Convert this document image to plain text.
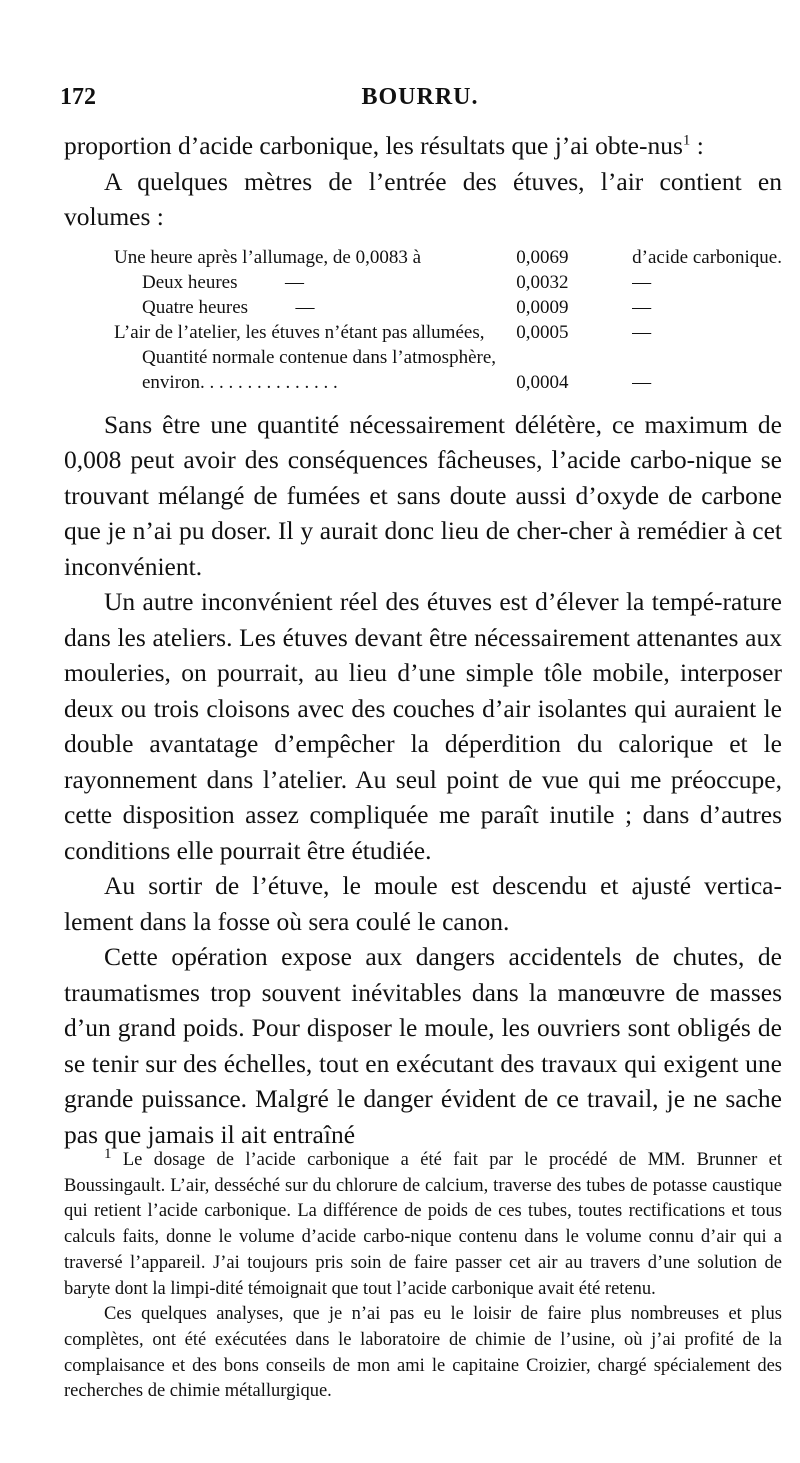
172	BOURRU.

proportion d’acide carbonique, les résultats que j’ai obte-nus$^1$ :

A quelques mètres de l’entrée des étuves, l’air contient en volumes :

Une heure après l’allumage, de 0,0083 à	0,0069	d’acide carbonique.
Deux heures          —	0,0032	—
Quatre heures          —	0,0009	—
L’air de l’atelier, les étuves n’étant pas allumées,	0,0005	—
Quantité normale contenue dans l’atmosphère,		
environ. . . . . . . . . . . . . . .	0,0004	—

Sans être une quantité nécessairement délétère, ce maximum de 0,008 peut avoir des conséquences fâcheuses, l’acide carbo-nique se trouvant mélangé de fumées et sans doute aussi d’oxyde de carbone que je n’ai pu doser. Il y aurait donc lieu de cher-cher à remédier à cet inconvénient.

Un autre inconvénient réel des étuves est d’élever la tempé-rature dans les ateliers. Les étuves devant être nécessairement attenantes aux mouleries, on pourrait, au lieu d’une simple tôle mobile, interposer deux ou trois cloisons avec des couches d’air isolantes qui auraient le double avantatage d’empêcher la déperdition du calorique et le rayonnement dans l’atelier. Au seul point de vue qui me préoccupe, cette disposition assez compliquée me paraît inutile ; dans d’autres conditions elle pourrait être étudiée.

Au sortir de l’étuve, le moule est descendu et ajusté vertica-lement dans la fosse où sera coulé le canon.

Cette opération expose aux dangers accidentels de chutes, de traumatismes trop souvent inévitables dans la manœuvre de masses d’un grand poids. Pour disposer le moule, les ouvriers sont obligés de se tenir sur des échelles, tout en exécutant des travaux qui exigent une grande puissance. Malgré le danger évident de ce travail, je ne sache pas que jamais il ait entraîné

$^1$ Le dosage de l’acide carbonique a été fait par le procédé de MM. Brunner et Boussingault. L’air, desséché sur du chlorure de calcium, traverse des tubes de potasse caustique qui retient l’acide carbonique. La différence de poids de ces tubes, toutes rectifications et tous calculs faits, donne le volume d’acide carbo-nique contenu dans le volume connu d’air qui a traversé l’appareil. J’ai toujours pris soin de faire passer cet air au travers d’une solution de baryte dont la limpi-dité témoignait que tout l’acide carbonique avait été retenu.

Ces quelques analyses, que je n’ai pas eu le loisir de faire plus nombreuses et plus complètes, ont été exécutées dans le laboratoire de chimie de l’usine, où j’ai profité de la complaisance et des bons conseils de mon ami le capitaine Croizier, chargé spécialement des recherches de chimie métallurgique.
